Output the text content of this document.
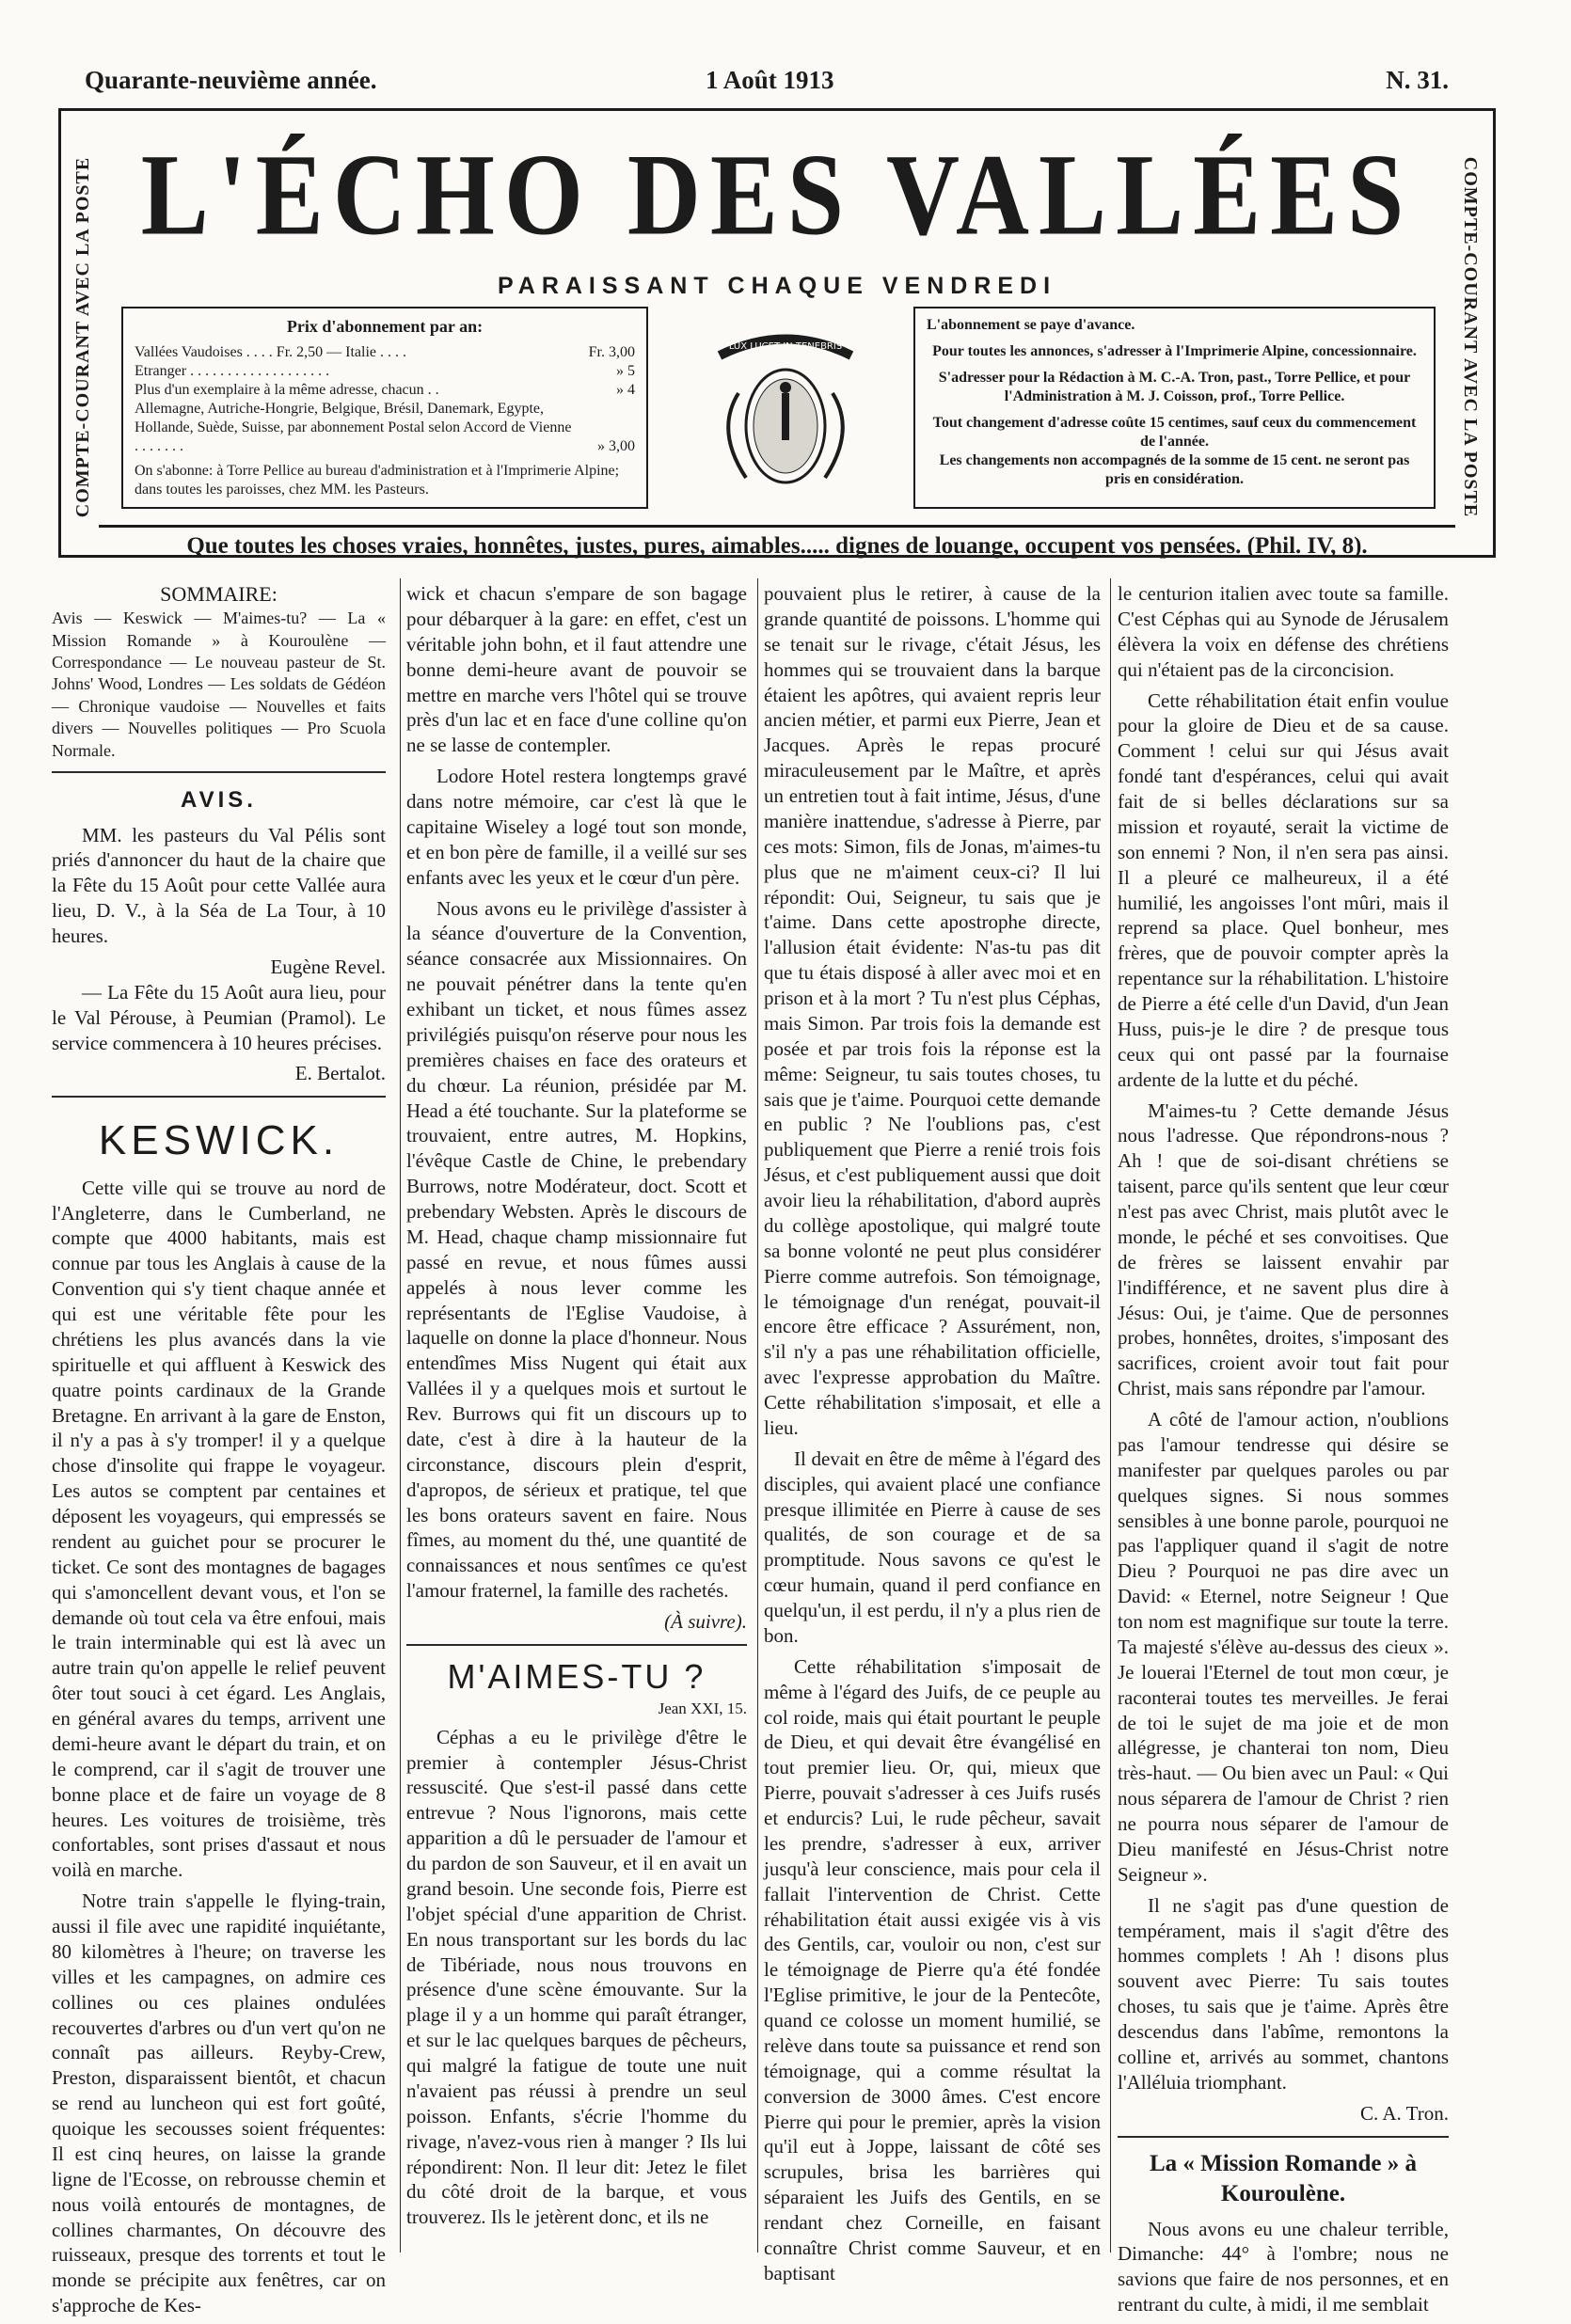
Quarante-neuvième année.	1 Août 1913	N. 31.
COMPTE-COURANT AVEC LA POSTE	COMPTE-COURANT AVEC LA POSTE
L'ÉCHO DES VALLÉES
PARAISSANT CHAQUE VENDREDI
Prix d'abonnement par an:
Vallées Vaudoises . . . . Fr. 2,50 — Italie . . . .	Fr. 3,00
Etranger . . . . . . . . . . . . . . . . . . .	» 5
Plus d'un exemplaire à la même adresse, chacun . .	» 4
Allemagne, Autriche-Hongrie, Belgique, Brésil, Danemark, Egypte, Hollande, Suède, Suisse, par abonnement Postal selon Accord de Vienne . . . . . . .	» 3,00
On s'abonne: à Torre Pellice au bureau d'administration et à l'Imprimerie Alpine; dans toutes les paroisses, chez MM. les Pasteurs.
LUX LUCET IN TENEBRIS
L'abonnement se paye d'avance.
Pour toutes les annonces, s'adresser à l'Imprimerie Alpine, concessionnaire.
S'adresser pour la Rédaction à M. C.-A. Tron, past., Torre Pellice, et pour l'Administration à M. J. Coisson, prof., Torre Pellice.
Tout changement d'adresse coûte 15 centimes, sauf ceux du commencement de l'année.
Les changements non accompagnés de la somme de 15 cent. ne seront pas pris en considération.
Que toutes les choses vraies, honnêtes, justes, pures, aimables..... dignes de louange, occupent vos pensées. (Phil. IV, 8).
SOMMAIRE:

Avis — Keswick — M'aimes-tu? — La « Mission Romande » à Kouroulène — Correspondance — Le nouveau pasteur de St. Johns' Wood, Londres — Les soldats de Gédéon — Chronique vaudoise — Nouvelles et faits divers — Nouvelles politiques — Pro Scuola Normale.

AVIS.

MM. les pasteurs du Val Pélis sont priés d'annoncer du haut de la chaire que la Fête du 15 Août pour cette Vallée aura lieu, D. V., à la Séa de La Tour, à 10 heures.

Eugène Revel.

— La Fête du 15 Août aura lieu, pour le Val Pérouse, à Peumian (Pramol). Le service commencera à 10 heures précises.

E. Bertalot.
KESWICK.

Cette ville qui se trouve au nord de l'Angleterre, dans le Cumberland, ne compte que 4000 habitants, mais est connue par tous les Anglais à cause de la Convention qui s'y tient chaque année et qui est une véritable fête pour les chrétiens les plus avancés dans la vie spirituelle et qui affluent à Keswick des quatre points cardinaux de la Grande Bretagne. En arrivant à la gare de Enston, il n'y a pas à s'y tromper! il y a quelque chose d'insolite qui frappe le voyageur. Les autos se comptent par centaines et déposent les voyageurs, qui empressés se rendent au guichet pour se procurer le ticket. Ce sont des montagnes de bagages qui s'amoncellent devant vous, et l'on se demande où tout cela va être enfoui, mais le train interminable qui est là avec un autre train qu'on appelle le relief peuvent ôter tout souci à cet égard. Les Anglais, en général avares du temps, arrivent une demi-heure avant le départ du train, et on le comprend, car il s'agit de trouver une bonne place et de faire un voyage de 8 heures. Les voitures de troisième, très confortables, sont prises d'assaut et nous voilà en marche.

Notre train s'appelle le flying-train, aussi il file avec une rapidité inquiétante, 80 kilomètres à l'heure; on traverse les villes et les campagnes, on admire ces collines ou ces plaines ondulées recouvertes d'arbres ou d'un vert qu'on ne connaît pas ailleurs. Reyby-Crew, Preston, disparaissent bientôt, et chacun se rend au luncheon qui est fort goûté, quoique les secousses soient fréquentes: Il est cinq heures, on laisse la grande ligne de l'Ecosse, on rebrousse chemin et nous voilà entourés de montagnes, de collines charmantes, On découvre des ruisseaux, presque des torrents et tout le monde se précipite aux fenêtres, car on s'approche de Kes-

wick et chacun s'empare de son bagage pour débarquer à la gare: en effet, c'est un véritable john bohn, et il faut attendre une bonne demi-heure avant de pouvoir se mettre en marche vers l'hôtel qui se trouve près d'un lac et en face d'une colline qu'on ne se lasse de contempler.

Lodore Hotel restera longtemps gravé dans notre mémoire, car c'est là que le capitaine Wiseley a logé tout son monde, et en bon père de famille, il a veillé sur ses enfants avec les yeux et le cœur d'un père.

Nous avons eu le privilège d'assister à la séance d'ouverture de la Convention, séance consacrée aux Missionnaires. On ne pouvait pénétrer dans la tente qu'en exhibant un ticket, et nous fûmes assez privilégiés puisqu'on réserve pour nous les premières chaises en face des orateurs et du chœur. La réunion, présidée par M. Head a été touchante. Sur la plateforme se trouvaient, entre autres, M. Hopkins, l'évêque Castle de Chine, le prebendary Burrows, notre Modérateur, doct. Scott et prebendary Websten. Après le discours de M. Head, chaque champ missionnaire fut passé en revue, et nous fûmes aussi appelés à nous lever comme les représentants de l'Eglise Vaudoise, à laquelle on donne la place d'honneur. Nous entendîmes Miss Nugent qui était aux Vallées il y a quelques mois et surtout le Rev. Burrows qui fit un discours up to date, c'est à dire à la hauteur de la circonstance, discours plein d'esprit, d'apropos, de sérieux et pratique, tel que les bons orateurs savent en faire. Nous fîmes, au moment du thé, une quantité de connaissances et nous sentîmes ce qu'est l'amour fraternel, la famille des rachetés.

(À suivre).
M'AIMES-TU ?
Jean XXI, 15.

Céphas a eu le privilège d'être le premier à contempler Jésus-Christ ressuscité. Que s'est-il passé dans cette entrevue ? Nous l'ignorons, mais cette apparition a dû le persuader de l'amour et du pardon de son Sauveur, et il en avait un grand besoin. Une seconde fois, Pierre est l'objet spécial d'une apparition de Christ. En nous transportant sur les bords du lac de Tibériade, nous nous trouvons en présence d'une scène émouvante. Sur la plage il y a un homme qui paraît étranger, et sur le lac quelques barques de pêcheurs, qui malgré la fatigue de toute une nuit n'avaient pas réussi à prendre un seul poisson. Enfants, s'écrie l'homme du rivage, n'avez-vous rien à manger ? Ils lui répondirent: Non. Il leur dit: Jetez le filet du côté droit de la barque, et vous trouverez. Ils le jetèrent donc, et ils ne

pouvaient plus le retirer, à cause de la grande quantité de poissons. L'homme qui se tenait sur le rivage, c'était Jésus, les hommes qui se trouvaient dans la barque étaient les apôtres, qui avaient repris leur ancien métier, et parmi eux Pierre, Jean et Jacques. Après le repas procuré miraculeusement par le Maître, et après un entretien tout à fait intime, Jésus, d'une manière inattendue, s'adresse à Pierre, par ces mots: Simon, fils de Jonas, m'aimes-tu plus que ne m'aiment ceux-ci? Il lui répondit: Oui, Seigneur, tu sais que je t'aime. Dans cette apostrophe directe, l'allusion était évidente: N'as-tu pas dit que tu étais disposé à aller avec moi et en prison et à la mort ? Tu n'est plus Céphas, mais Simon. Par trois fois la demande est posée et par trois fois la réponse est la même: Seigneur, tu sais toutes choses, tu sais que je t'aime. Pourquoi cette demande en public ? Ne l'oublions pas, c'est publiquement que Pierre a renié trois fois Jésus, et c'est publiquement aussi que doit avoir lieu la réhabilitation, d'abord auprès du collège apostolique, qui malgré toute sa bonne volonté ne peut plus considérer Pierre comme autrefois. Son témoignage, le témoignage d'un renégat, pouvait-il encore être efficace ? Assurément, non, s'il n'y a pas une réhabilitation officielle, avec l'expresse approbation du Maître. Cette réhabilitation s'imposait, et elle a lieu.

Il devait en être de même à l'égard des disciples, qui avaient placé une confiance presque illimitée en Pierre à cause de ses qualités, de son courage et de sa promptitude. Nous savons ce qu'est le cœur humain, quand il perd confiance en quelqu'un, il est perdu, il n'y a plus rien de bon.

Cette réhabilitation s'imposait de même à l'égard des Juifs, de ce peuple au col roide, mais qui était pourtant le peuple de Dieu, et qui devait être évangélisé en tout premier lieu. Or, qui, mieux que Pierre, pouvait s'adresser à ces Juifs rusés et endurcis? Lui, le rude pêcheur, savait les prendre, s'adresser à eux, arriver jusqu'à leur conscience, mais pour cela il fallait l'intervention de Christ. Cette réhabilitation était aussi exigée vis à vis des Gentils, car, vouloir ou non, c'est sur le témoignage de Pierre qu'a été fondée l'Eglise primitive, le jour de la Pentecôte, quand ce colosse un moment humilié, se relève dans toute sa puissance et rend son témoignage, qui a comme résultat la conversion de 3000 âmes. C'est encore Pierre qui pour le premier, après la vision qu'il eut à Joppe, laissant de côté ses scrupules, brisa les barrières qui séparaient les Juifs des Gentils, en se rendant chez Corneille, en faisant connaître Christ comme Sauveur, et en baptisant

le centurion italien avec toute sa famille. C'est Céphas qui au Synode de Jérusalem élèvera la voix en défense des chrétiens qui n'étaient pas de la circoncision.

Cette réhabilitation était enfin voulue pour la gloire de Dieu et de sa cause. Comment ! celui sur qui Jésus avait fondé tant d'espérances, celui qui avait fait de si belles déclarations sur sa mission et royauté, serait la victime de son ennemi ? Non, il n'en sera pas ainsi. Il a pleuré ce malheureux, il a été humilié, les angoisses l'ont mûri, mais il reprend sa place. Quel bonheur, mes frères, que de pouvoir compter après la repentance sur la réhabilitation. L'histoire de Pierre a été celle d'un David, d'un Jean Huss, puis-je le dire ? de presque tous ceux qui ont passé par la fournaise ardente de la lutte et du péché.

M'aimes-tu ? Cette demande Jésus nous l'adresse. Que répondrons-nous ? Ah ! que de soi-disant chrétiens se taisent, parce qu'ils sentent que leur cœur n'est pas avec Christ, mais plutôt avec le monde, le péché et ses convoitises. Que de frères se laissent envahir par l'indifférence, et ne savent plus dire à Jésus: Oui, je t'aime. Que de personnes probes, honnêtes, droites, s'imposant des sacrifices, croient avoir tout fait pour Christ, mais sans répondre par l'amour.

A côté de l'amour action, n'oublions pas l'amour tendresse qui désire se manifester par quelques paroles ou par quelques signes. Si nous sommes sensibles à une bonne parole, pourquoi ne pas l'appliquer quand il s'agit de notre Dieu ? Pourquoi ne pas dire avec un David: « Eternel, notre Seigneur ! Que ton nom est magnifique sur toute la terre. Ta majesté s'élève au-dessus des cieux ». Je louerai l'Eternel de tout mon cœur, je raconterai toutes tes merveilles. Je ferai de toi le sujet de ma joie et de mon allégresse, je chanterai ton nom, Dieu très-haut. — Ou bien avec un Paul: « Qui nous séparera de l'amour de Christ ? rien ne pourra nous séparer de l'amour de Dieu manifesté en Jésus-Christ notre Seigneur ».

Il ne s'agit pas d'une question de tempérament, mais il s'agit d'être des hommes complets ! Ah ! disons plus souvent avec Pierre: Tu sais toutes choses, tu sais que je t'aime. Après être descendus dans l'abîme, remontons la colline et, arrivés au sommet, chantons l'Alléluia triomphant.

C. A. Tron.
La « Mission Romande » à Kouroulène.

Nous avons eu une chaleur terrible, Dimanche: 44° à l'ombre; nous ne savions que faire de nos personnes, et en rentrant du culte, à midi, il me semblait
